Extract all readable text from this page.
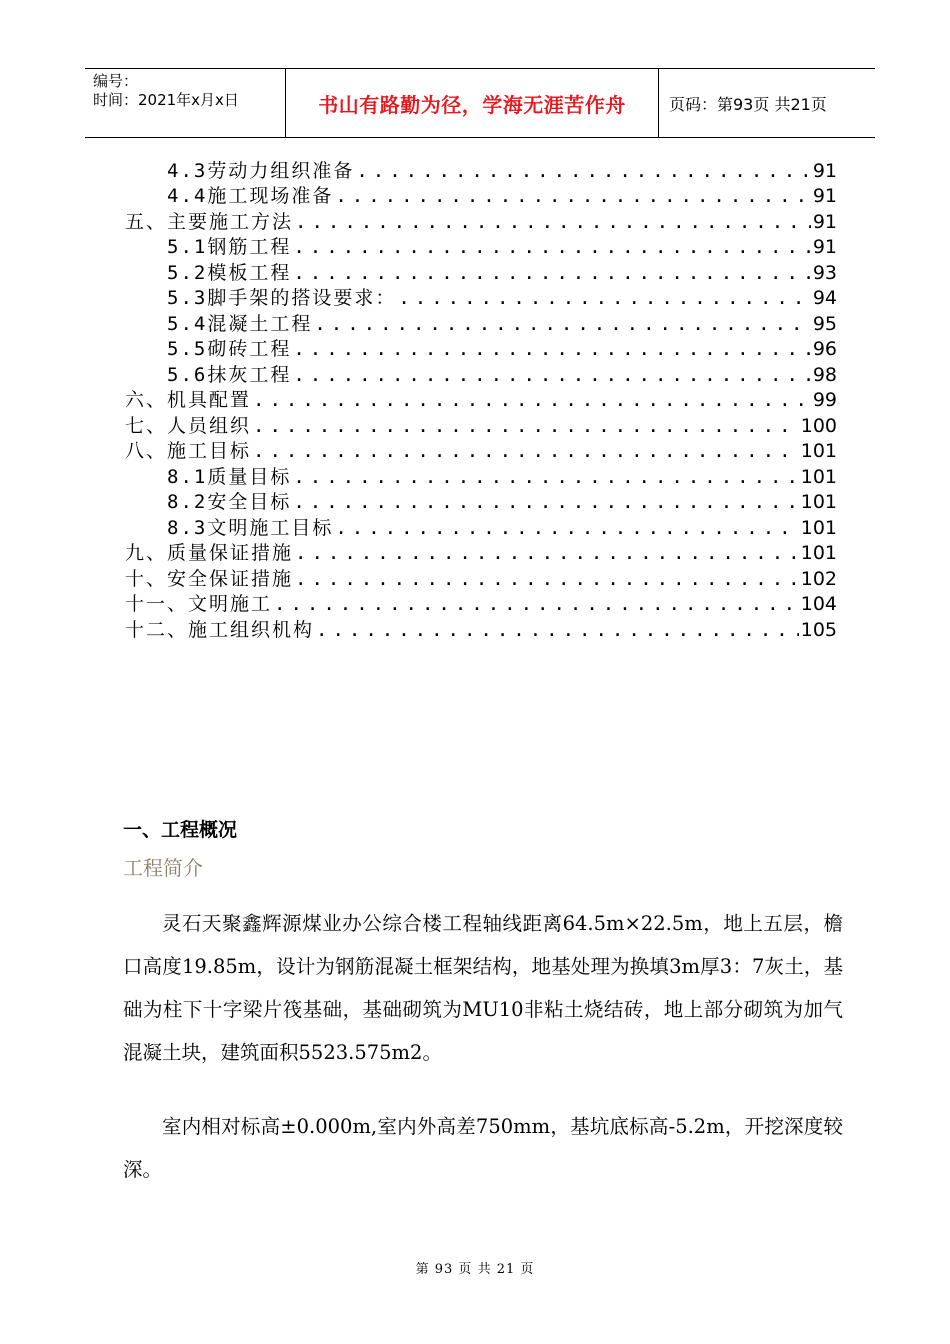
编号：
时间：2021年x月x日	书山有路勤为径，学海无涯苦作舟	页码：第93页 共21页
4.3劳动力组织准备 .....	91
4.4施工现场准备 .....	91
五、主要施工方法 .....	91
5.1钢筋工程 .....	91
5.2模板工程 .....	93
5.3脚手架的搭设要求： .....	94
5.4混凝土工程 .....	95
5.5砌砖工程 .....	96
5.6抹灰工程 .....	98
六、机具配置 .....	99
七、人员组织 .....	100
八、施工目标 .....	101
8.1质量目标 .....	101
8.2安全目标 .....	101
8.3文明施工目标 .....	101
九、质量保证措施 .....	101
十、安全保证措施 .....	102
十一、文明施工 .....	104
十二、施工组织机构 .....	105
一、工程概况
工程简介
灵石天聚鑫辉源煤业办公综合楼工程轴线距离64.5m×22.5m，地上五层，檐口高度19.85m，设计为钢筋混凝土框架结构，地基处理为换填3m厚3：7灰土，基础为柱下十字梁片筏基础，基础砌筑为MU10非粘土烧结砖，地上部分砌筑为加气混凝土块，建筑面积5523.575m2。
室内相对标高±0.000m,室内外高差750mm，基坑底标高-5.2m，开挖深度较深。
第 93 页 共 21 页
